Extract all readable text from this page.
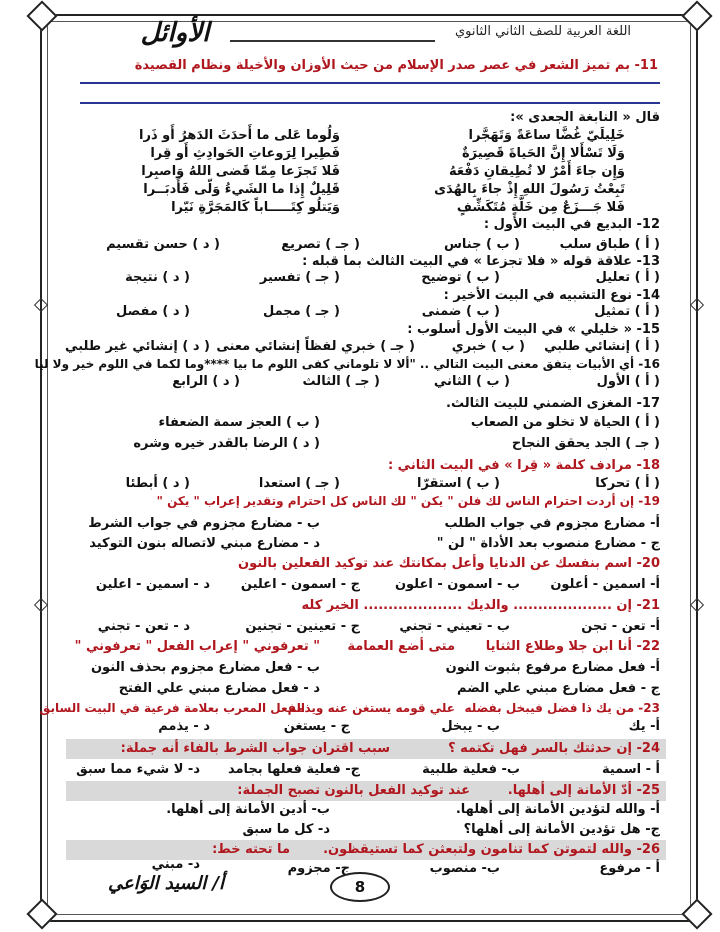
الأوائل	اللغة العربية للصف الثاني الثانوي
11- بم تميز الشعر في عصر صدر الإسلام من حيث الأوزان والأخيلة ونظام القصيدة
قال « النابغة الجعدى »:
خَلِيلَيّ غُضَّا ساعَةً وَتَهَجَّرا
وَلَا تَسْأَلا إِنَّ الحَياةَ قَصِيرَةٌ
وَإِن جاءَ أَمْرٌ لا تُطِيقانِ دَفْعَهُ
تَبِعْتُ رَسُولَ اللهِ إِذْ جاءَ بِالهُدَى
فَلا جَـــزَعٌ مِن خَلَّةٍ مُتَكَشِّفٍ
وَلُوما عَلى ما أَحدَثَ الدَهرُ أَو ذَرا
فَطِيرا لِرَوعاتِ الحَوادِثِ أَو قِرا
فَلا تَجزَعا مِمّا قَضى اللهُ وَاصبِرا
قَلِيلٌ إِذا ما الشَيءُ وَلّى فَأَدبَــرا
وَيَتلُو كِتَـــــاباً كَالمَجَرَّةِ نَيّرا
12- البديع في البيت الأول :
( أ ) طباق سلب
( ب ) جناس
( جـ ) تصريع
( د ) حسن تقسيم
13- علاقة قوله « فلا تجزعا » في البيت الثالث بما قبله :
( أ ) تعليل
( ب ) توضيح
( جـ ) تفسير
( د ) نتيجة
14- نوع التشبيه في البيت الأخير :
( أ ) تمثيل
( ب ) ضمنى
( جـ ) مجمل
( د ) مفصل
15- « خليلي » في البيت الأول أسلوب :
( أ ) إنشائي طلبي
( ب ) خبري
( جـ ) خبري لفظاً إنشائي معنى
( د ) إنشائي غير طلبي
16- أي الأبيات يتفق معنى البيت التالي .. "ألا لا تلوماني كفى اللوم ما بيا ****وما لكما في اللوم خير ولا ليا
( أ ) الأول
( ب ) الثاني
( جـ ) الثالث
( د ) الرابع
17- المغزى الضمني للبيت الثالث.
( أ ) الحياة لا تخلو من الصعاب
( ب ) العجز سمة الضعفاء
( جـ ) الجد يحقق النجاح
( د ) الرضا بالقدر خيره وشره
18- مرادف كلمة « قِرا » في البيت الثاني :
( أ ) تحركا
( ب ) استقرّا
( جـ ) استعدا
( د ) أبطئا
19- إن أردت احترام الناس لك فلن " يكن " لك الناس كل احترام وتقدير إعراب " يكن "
أ- مضارع مجزوم في جواب الطلب
ب - مضارع مجزوم في جواب الشرط
ج - مضارع منصوب بعد الأداة " لن "
د - مضارع مبني لاتصاله بنون التوكيد
20- اسم بنفسك عن الدنايا وأعل بمكانتك عند توكيد الفعلين بالنون
أ- اسمين - أعلون
ب - اسمون - اعلون
ج - اسمون - اعلين
د - اسمين - اعلين
21- إن .................... والديك .................... الخير كله
أ- تعن - تجن
ب - تعيني - تجني
ج - تعينين - تجنين
د - تعن - تجني
22- أنا ابن جلا وطلاع الثنايا
متى أضع العمامة
" تعرفوني " إعراب الفعل " تعرفوني "
أ- فعل مضارع مرفوع بثبوت النون
ب - فعل مضارع مجزوم بحذف النون
ج - فعل مضارع مبني علي الضم
د - فعل مضارع مبني علي الفتح
23- من يك ذا فضل فيبخل بفضله
علي قومه يستغن عنه ويذمم
الفعل المعرب بعلامة فرعية في البيت السابق
أ- يك
ب - يبخل
ج - يستغن
د - يذمم
24- إن حدثتك بالسر فهل تكتمه ؟
سبب اقتران جواب الشرط بالفاء أنه جملة:
أ - اسمية
ب- فعلية طلبية
ج- فعلية فعلها بجامد
د- لا شيء مما سبق
25- أدّ الأمانة إلى أهلها.
عند توكيد الفعل بالنون تصبح الجملة:
أ- والله لتؤدين الأمانة إلى أهلها.
ب- أدين الأمانة إلى أهلها.
ج- هل تؤدين الأمانة إلى أهلها؟
د- كل ما سبق
26- والله لتموتن كما تنامون ولتبعثن كما تستيقظون.
ما تحته خط:
أ - مرفوع
ب- منصوب
ج- مجزوم
د- مبني
8
أ/ السيد الوَاعي
